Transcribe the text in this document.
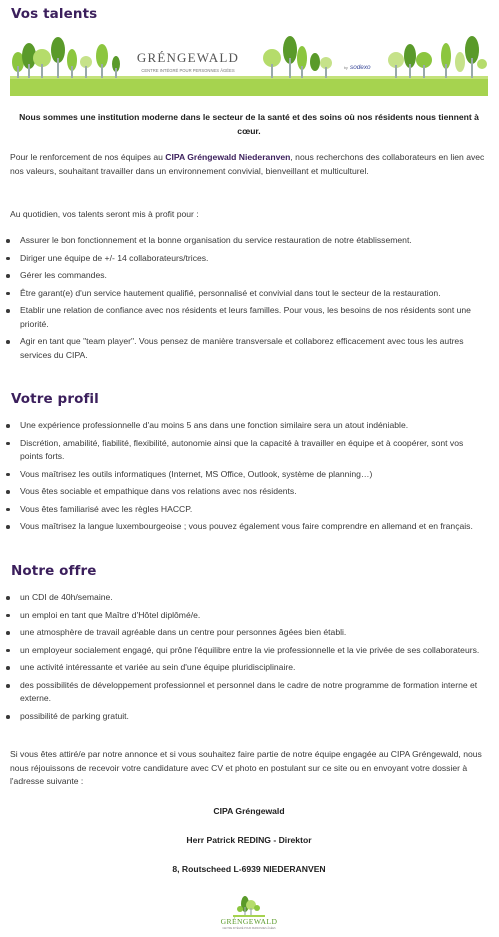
Vos talents
GRÉNGEWALD
CENTRE INTÉGRÉ POUR PERSONNES ÂGÉES	by sodexo
Nous sommes une institution moderne dans le secteur de la santé et des soins où nos résidents nous tiennent à cœur.

Pour le renforcement de nos équipes au CIPA Gréngewald Niederanven, nous recherchons des collaborateurs en lien avec nos valeurs, souhaitant travailler dans un environnement convivial, bienveillant et multiculturel.

Au quotidien, vos talents seront mis à profit pour :

Assurer le bon fonctionnement et la bonne organisation du service restauration de notre établissement.
Diriger une équipe de +/- 14 collaborateurs/trices.
Gérer les commandes.
Être garant(e) d'un service hautement qualifié, personnalisé et convivial dans tout le secteur de la restauration.
Etablir une relation de confiance avec nos résidents et leurs familles. Pour vous, les besoins de nos résidents sont une priorité.
Agir en tant que "team player". Vous pensez de manière transversale et collaborez efficacement avec tous les autres services du CIPA.
Votre profil
Une expérience professionnelle d'au moins 5 ans dans une fonction similaire sera un atout indéniable.
Discrétion, amabilité, fiabilité, flexibilité, autonomie ainsi que la capacité à travailler en équipe et à coopérer, sont vos points forts.
Vous maîtrisez les outils informatiques (Internet, MS Office, Outlook, système de planning…)
Vous êtes sociable et empathique dans vos relations avec nos résidents.
Vous êtes familiarisé avec les règles HACCP.
Vous maîtrisez la langue luxembourgeoise ; vous pouvez également vous faire comprendre en allemand et en français.
Notre offre
un CDI de 40h/semaine.
un emploi en tant que Maître d'Hôtel diplômé/e.
une atmosphère de travail agréable dans un centre pour personnes âgées bien établi.
un employeur socialement engagé, qui prône l'équilibre entre la vie professionnelle et la vie privée de ses collaborateurs.
une activité intéressante et variée au sein d'une équipe pluridisciplinaire.
des possibilités de développement professionnel et personnel dans le cadre de notre programme de formation interne et externe.
possibilité de parking gratuit.

Si vous êtes attiré/e par notre annonce et si vous souhaitez faire partie de notre équipe engagée au CIPA Gréngewald, nous nous réjouissons de recevoir votre candidature avec CV et photo en postulant sur ce site ou en envoyant votre dossier à l'adresse suivante :

CIPA Gréngewald
Herr Patrick REDING - Direktor
8, Routscheed L-6939 NIEDERANVEN
GRÉNGEWALD
CENTRE INTÉGRÉ POUR PERSONNES ÂGÉES
